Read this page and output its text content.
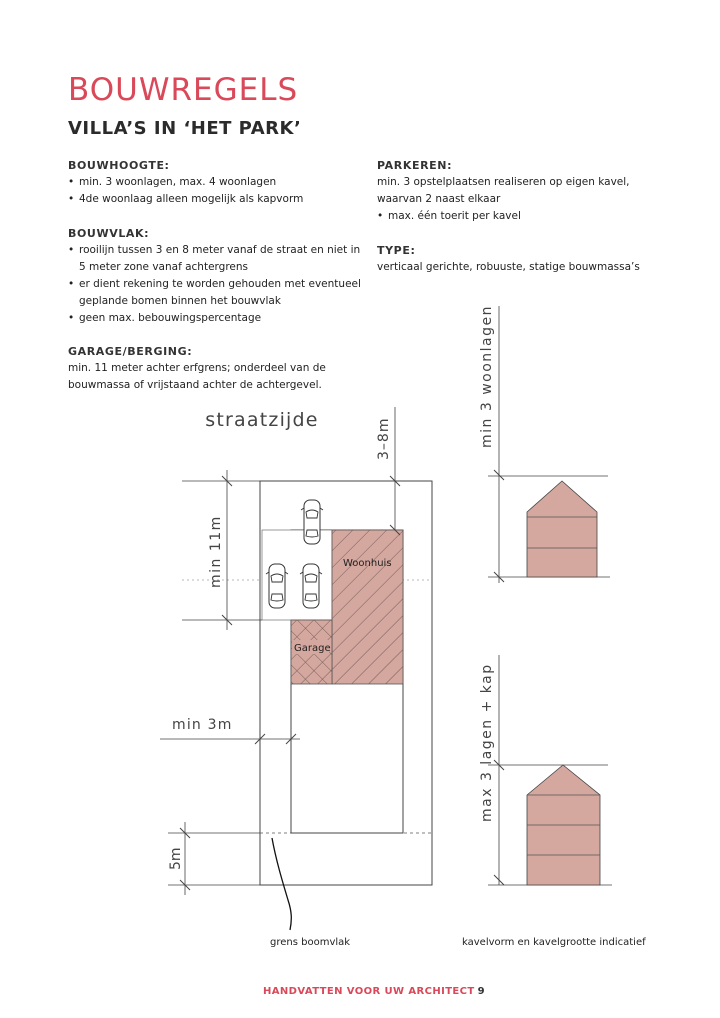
BOUWREGELS
VILLA’S IN ‘HET PARK’
BOUWHOOGTE:
• min. 3 woonlagen, max. 4 woonlagen
• 4de woonlaag alleen mogelijk als kapvorm
BOUWVLAK:
• rooilijn tussen 3 en 8 meter vanaf de straat en niet in
5 meter zone vanaf achtergrens
• er dient rekening te worden gehouden met eventueel
geplande bomen binnen het bouwvlak
• geen max. bebouwingspercentage
GARAGE/BERGING:

min. 11 meter achter erfgrens; onderdeel van de

bouwmassa of vrijstaand achter de achtergevel.

PARKEREN:

min. 3 opstelplaatsen realiseren op eigen kavel,

waarvan 2 naast elkaar

• max. één toerit per kavel
TYPE:

verticaal gerichte, robuuste, statige bouwmassa’s

straatzijde
Woonhuis
Garage
3–8m
min 11m
min 3m
5m
min 3 woonlagen
max 3 lagen + kap
grens boomvlak	kavelvorm en kavelgrootte indicatief
HANDVATTEN VOOR UW ARCHITECT 9
